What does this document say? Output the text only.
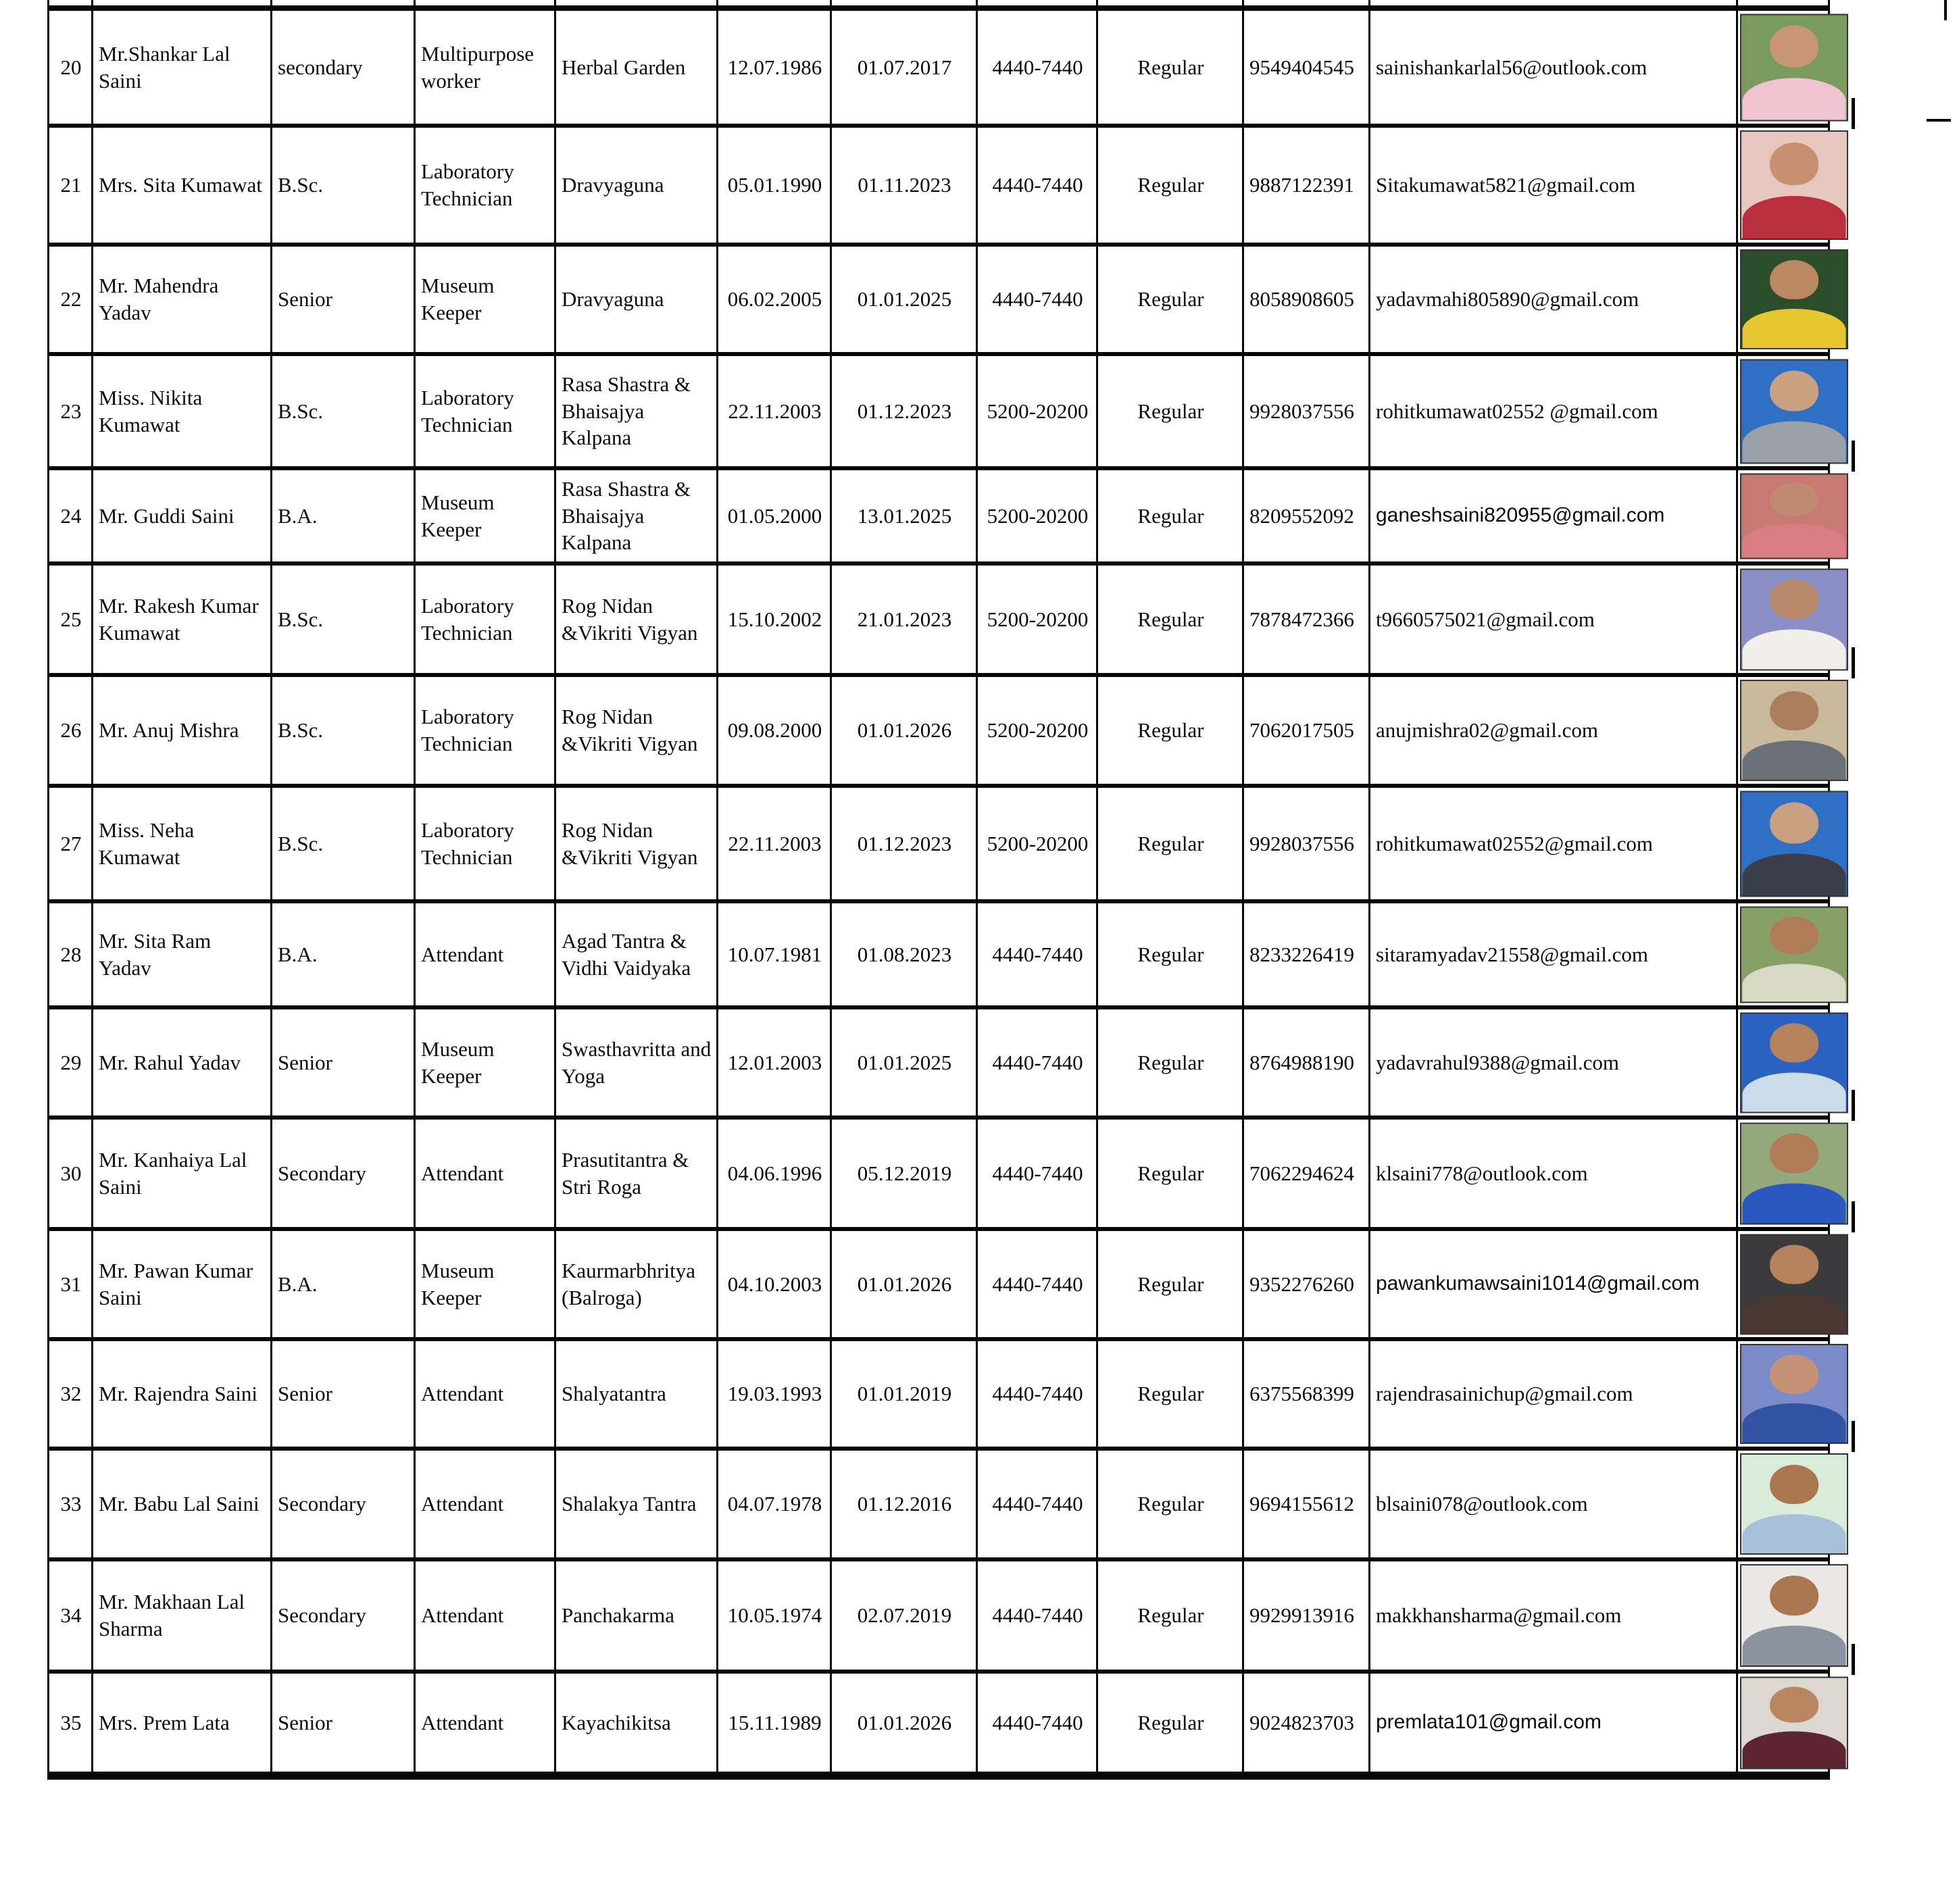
20	Mr.Shankar Lal Saini	secondary	Multipurpose worker	Herbal Garden	12.07.1986	01.07.2017	4440-7440	Regular	9549404545	sainishankarlal56@outlook.com	

21	Mrs. Sita Kumawat	B.Sc.	Laboratory Technician	Dravyaguna	05.01.1990	01.11.2023	4440-7440	Regular	9887122391	Sitakumawat5821@gmail.com	

22	Mr. Mahendra Yadav	Senior	Museum Keeper	Dravyaguna	06.02.2005	01.01.2025	4440-7440	Regular	8058908605	yadavmahi805890@gmail.com	

23	Miss. Nikita Kumawat	B.Sc.	Laboratory Technician	Rasa Shastra & Bhaisajya Kalpana	22.11.2003	01.12.2023	5200-20200	Regular	9928037556	rohitkumawat02552 @gmail.com	

24	Mr. Guddi Saini	B.A.	Museum Keeper	Rasa Shastra & Bhaisajya Kalpana	01.05.2000	13.01.2025	5200-20200	Regular	8209552092	ganeshsaini820955@gmail.com	

25	Mr. Rakesh Kumar Kumawat	B.Sc.	Laboratory Technician	Rog Nidan &Vikriti Vigyan	15.10.2002	21.01.2023	5200-20200	Regular	7878472366	t9660575021@gmail.com	

26	Mr. Anuj Mishra	B.Sc.	Laboratory Technician	Rog Nidan &Vikriti Vigyan	09.08.2000	01.01.2026	5200-20200	Regular	7062017505	anujmishra02@gmail.com	

27	Miss. Neha Kumawat	B.Sc.	Laboratory Technician	Rog Nidan &Vikriti Vigyan	22.11.2003	01.12.2023	5200-20200	Regular	9928037556	rohitkumawat02552@gmail.com	

28	Mr. Sita Ram Yadav	B.A.	Attendant	Agad Tantra & Vidhi Vaidyaka	10.07.1981	01.08.2023	4440-7440	Regular	8233226419	sitaramyadav21558@gmail.com	

29	Mr. Rahul Yadav	Senior	Museum Keeper	Swasthavritta and Yoga	12.01.2003	01.01.2025	4440-7440	Regular	8764988190	yadavrahul9388@gmail.com	

30	Mr. Kanhaiya Lal Saini	Secondary	Attendant	Prasutitantra & Stri Roga	04.06.1996	05.12.2019	4440-7440	Regular	7062294624	klsaini778@outlook.com	

31	Mr. Pawan Kumar Saini	B.A.	Museum Keeper	Kaurmarbhritya (Balroga)	04.10.2003	01.01.2026	4440-7440	Regular	9352276260	pawankumawsaini1014@gmail.com	

32	Mr. Rajendra Saini	Senior	Attendant	Shalyatantra	19.03.1993	01.01.2019	4440-7440	Regular	6375568399	rajendrasainichup@gmail.com	

33	Mr. Babu Lal Saini	Secondary	Attendant	Shalakya Tantra	04.07.1978	01.12.2016	4440-7440	Regular	9694155612	blsaini078@outlook.com	

34	Mr. Makhaan Lal Sharma	Secondary	Attendant	Panchakarma	10.05.1974	02.07.2019	4440-7440	Regular	9929913916	makkhansharma@gmail.com	

35	Mrs. Prem Lata	Senior	Attendant	Kayachikitsa	15.11.1989	01.01.2026	4440-7440	Regular	9024823703	premlata101@gmail.com	
